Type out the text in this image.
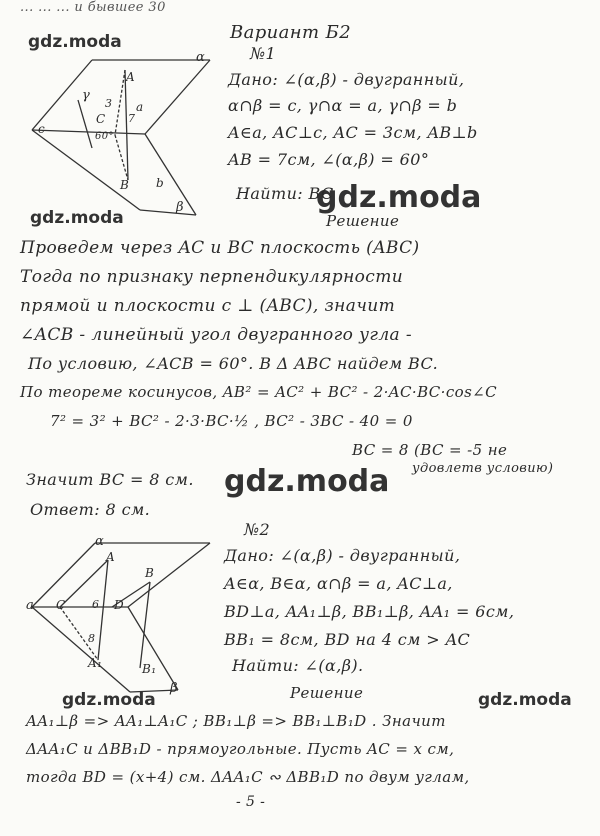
α
β
γ
A
B
C
c
a
b
3
7
60°
α
β
a
A
B
C	D
A₁	B₁
6
8
... ... ... и бывшее 30
Вариант Б2
gdz.moda
gdz.moda
gdz.moda
gdz.moda
gdz.moda	gdz.moda
№1
Дано: ∠(α,β) - двугранный,
α∩β = c, γ∩α = a, γ∩β = b
A∈a, AC⊥c, AC = 3см, AB⊥b
AB = 7см, ∠(α,β) = 60°
Найти: BC
Решение
Проведем через AC и BC плоскость (ABC)
Тогда по признаку перпендикулярности
прямой и плоскости c ⊥ (ABC), значит
∠ACB - линейный угол двугранного угла -
По условию, ∠ACB = 60°. В Δ ABC найдем BC.
По теореме косинусов, AB² = AC² + BC² - 2·AC·BC·cos∠C
7² = 3² + BC² - 2·3·BC·½ , BC² - 3BC - 40 = 0
BC = 8 (BC = -5 не
удовлетв условию)
Значит BC = 8 см.
Ответ: 8 см.
№2
Дано: ∠(α,β) - двугранный,
A∈α, B∈α, α∩β = a, AC⊥a,
BD⊥a, AA₁⊥β, BB₁⊥β, AA₁ = 6см,
BB₁ = 8см, BD на 4 см > AC
Найти: ∠(α,β).
Решение
AA₁⊥β => AA₁⊥A₁C ; BB₁⊥β => BB₁⊥B₁D . Значит
ΔAA₁C и ΔBB₁D - прямоугольные. Пусть AC = x см,
тогда BD = (x+4) см. ΔAA₁C ∾ ΔBB₁D по двум углам,
- 5 -
